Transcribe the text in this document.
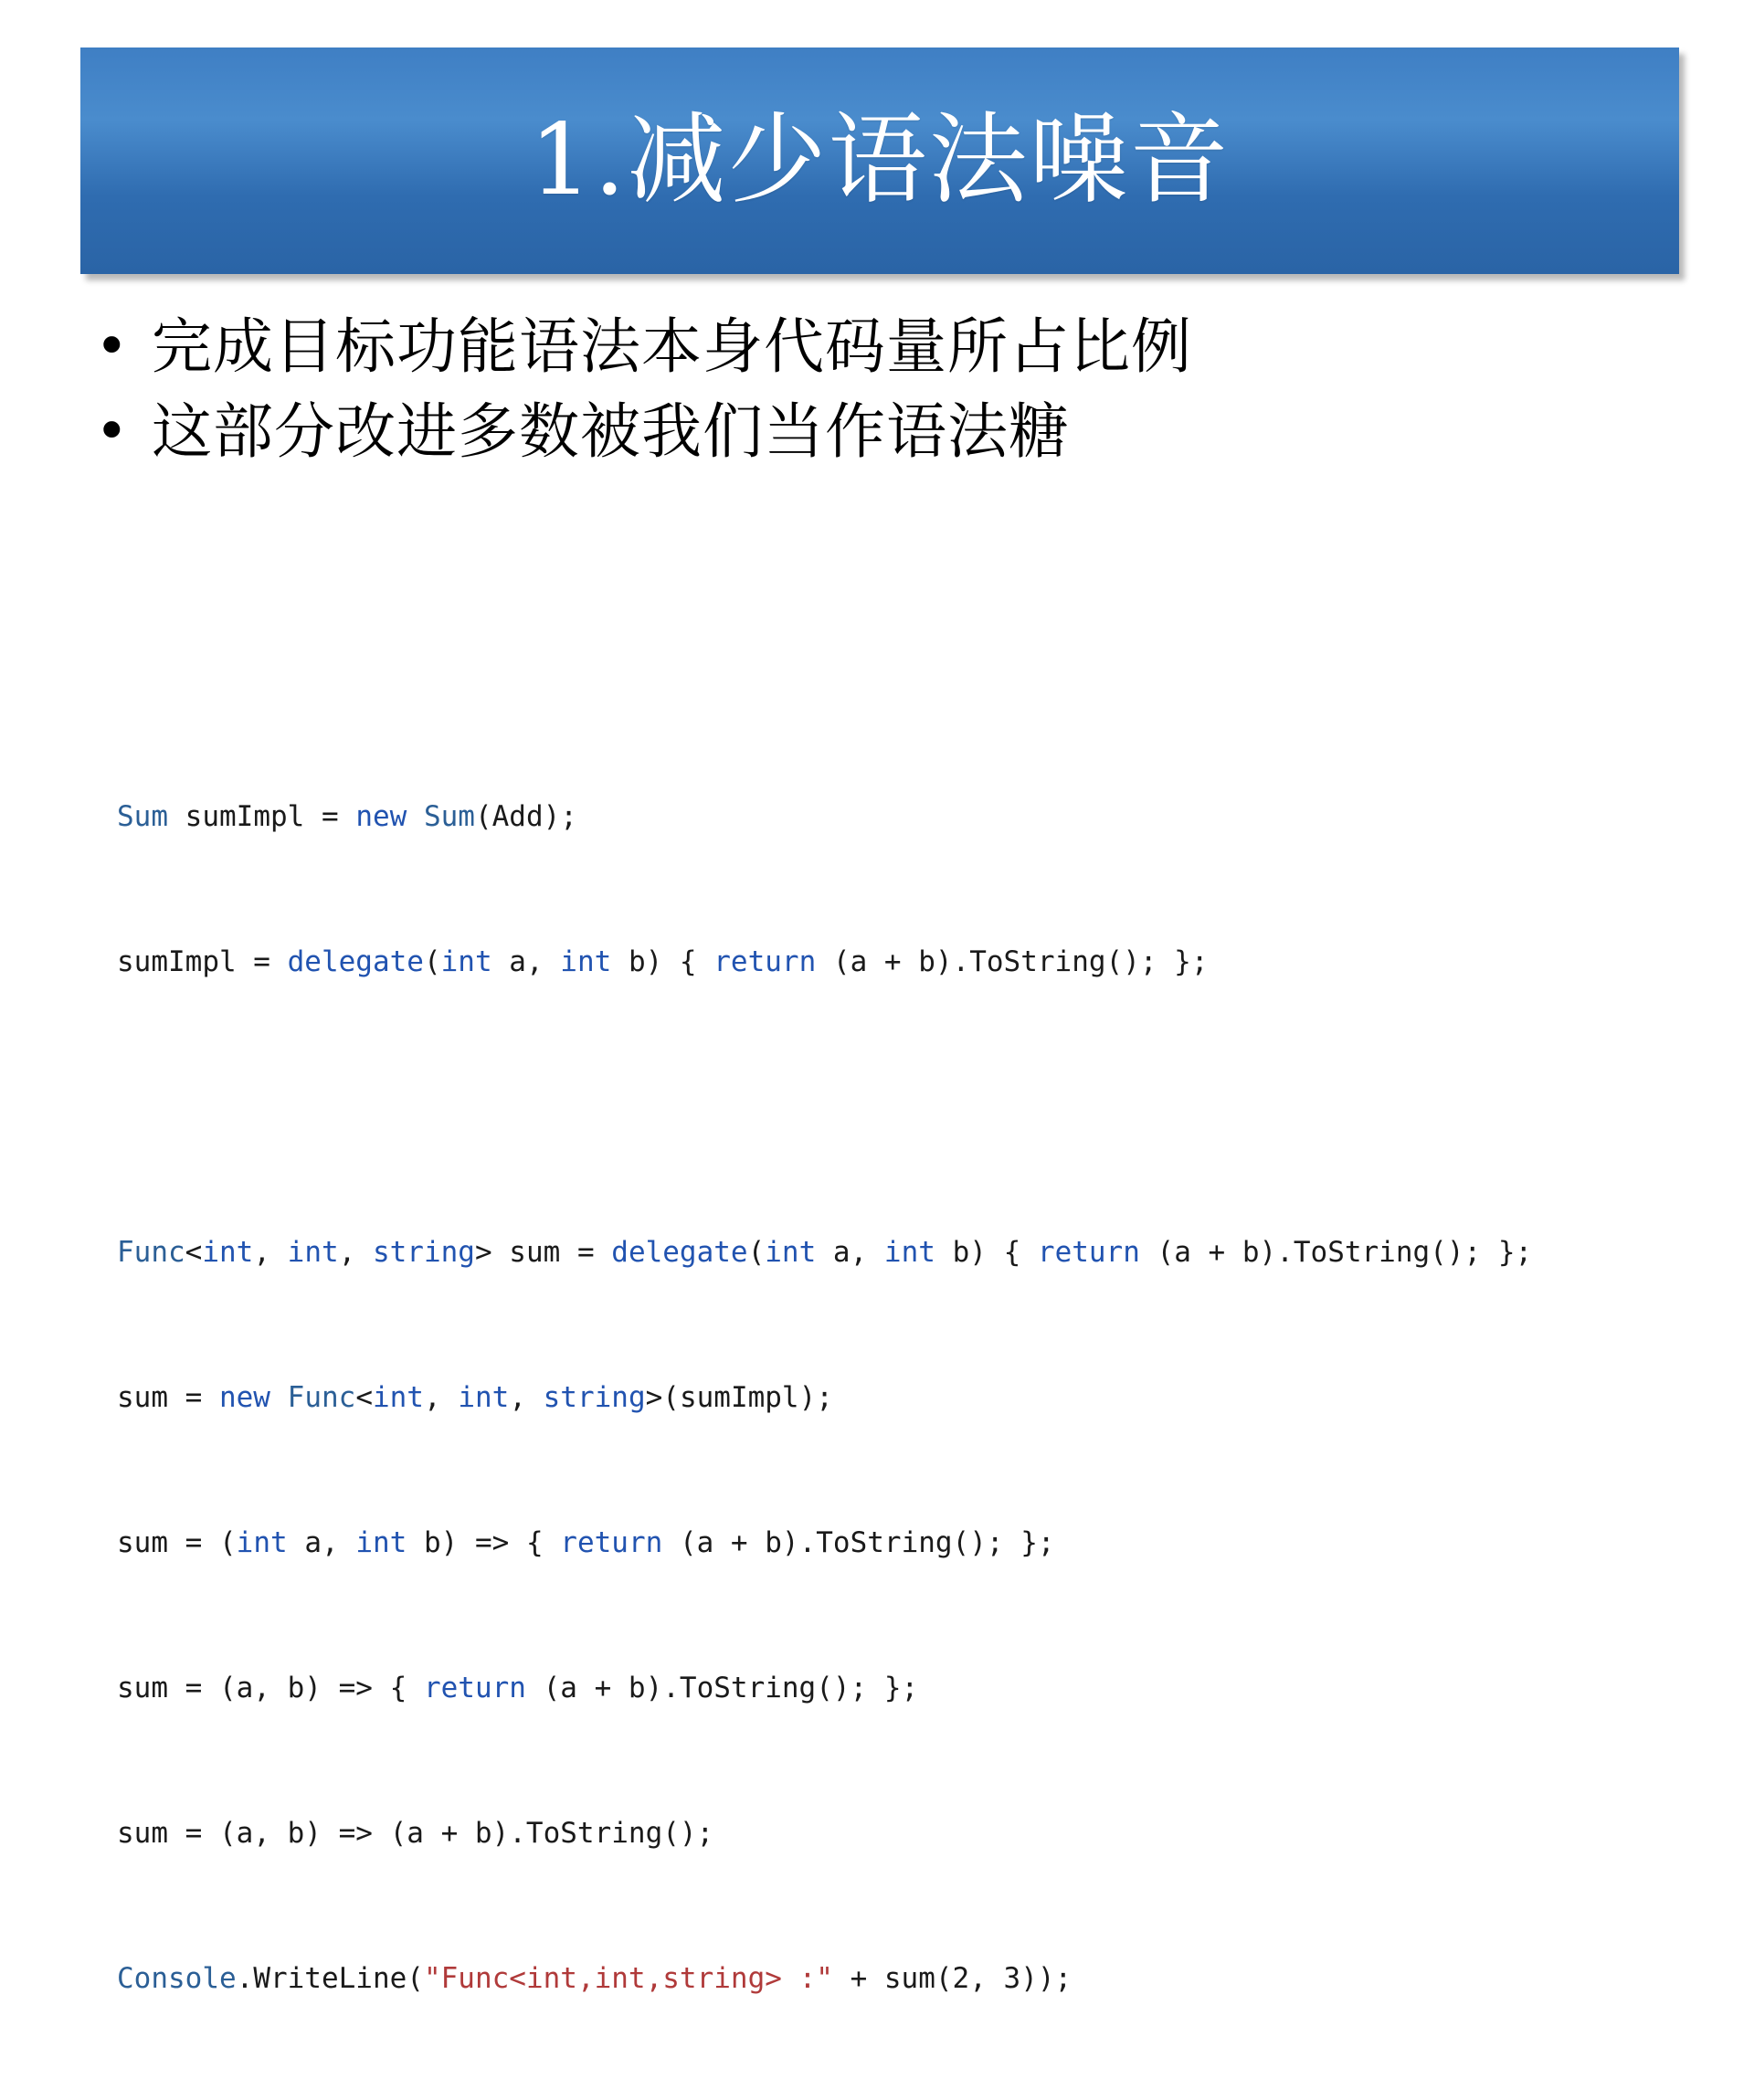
1.减少语法噪音
• 完成目标功能语法本身代码量所占比例
• 这部分改进多数被我们当作语法糖

Sum sumImpl = new Sum(Add);

sumImpl = delegate(int a, int b) { return (a + b).ToString(); };

Func<int, int, string> sum = delegate(int a, int b) { return (a + b).ToString(); };

sum = new Func<int, int, string>(sumImpl);

sum = (int a, int b) => { return (a + b).ToString(); };

sum = (a, b) => { return (a + b).ToString(); };

sum = (a, b) => (a + b).ToString();

Console.WriteLine("Func<int,int,string> :" + sum(2, 3));
